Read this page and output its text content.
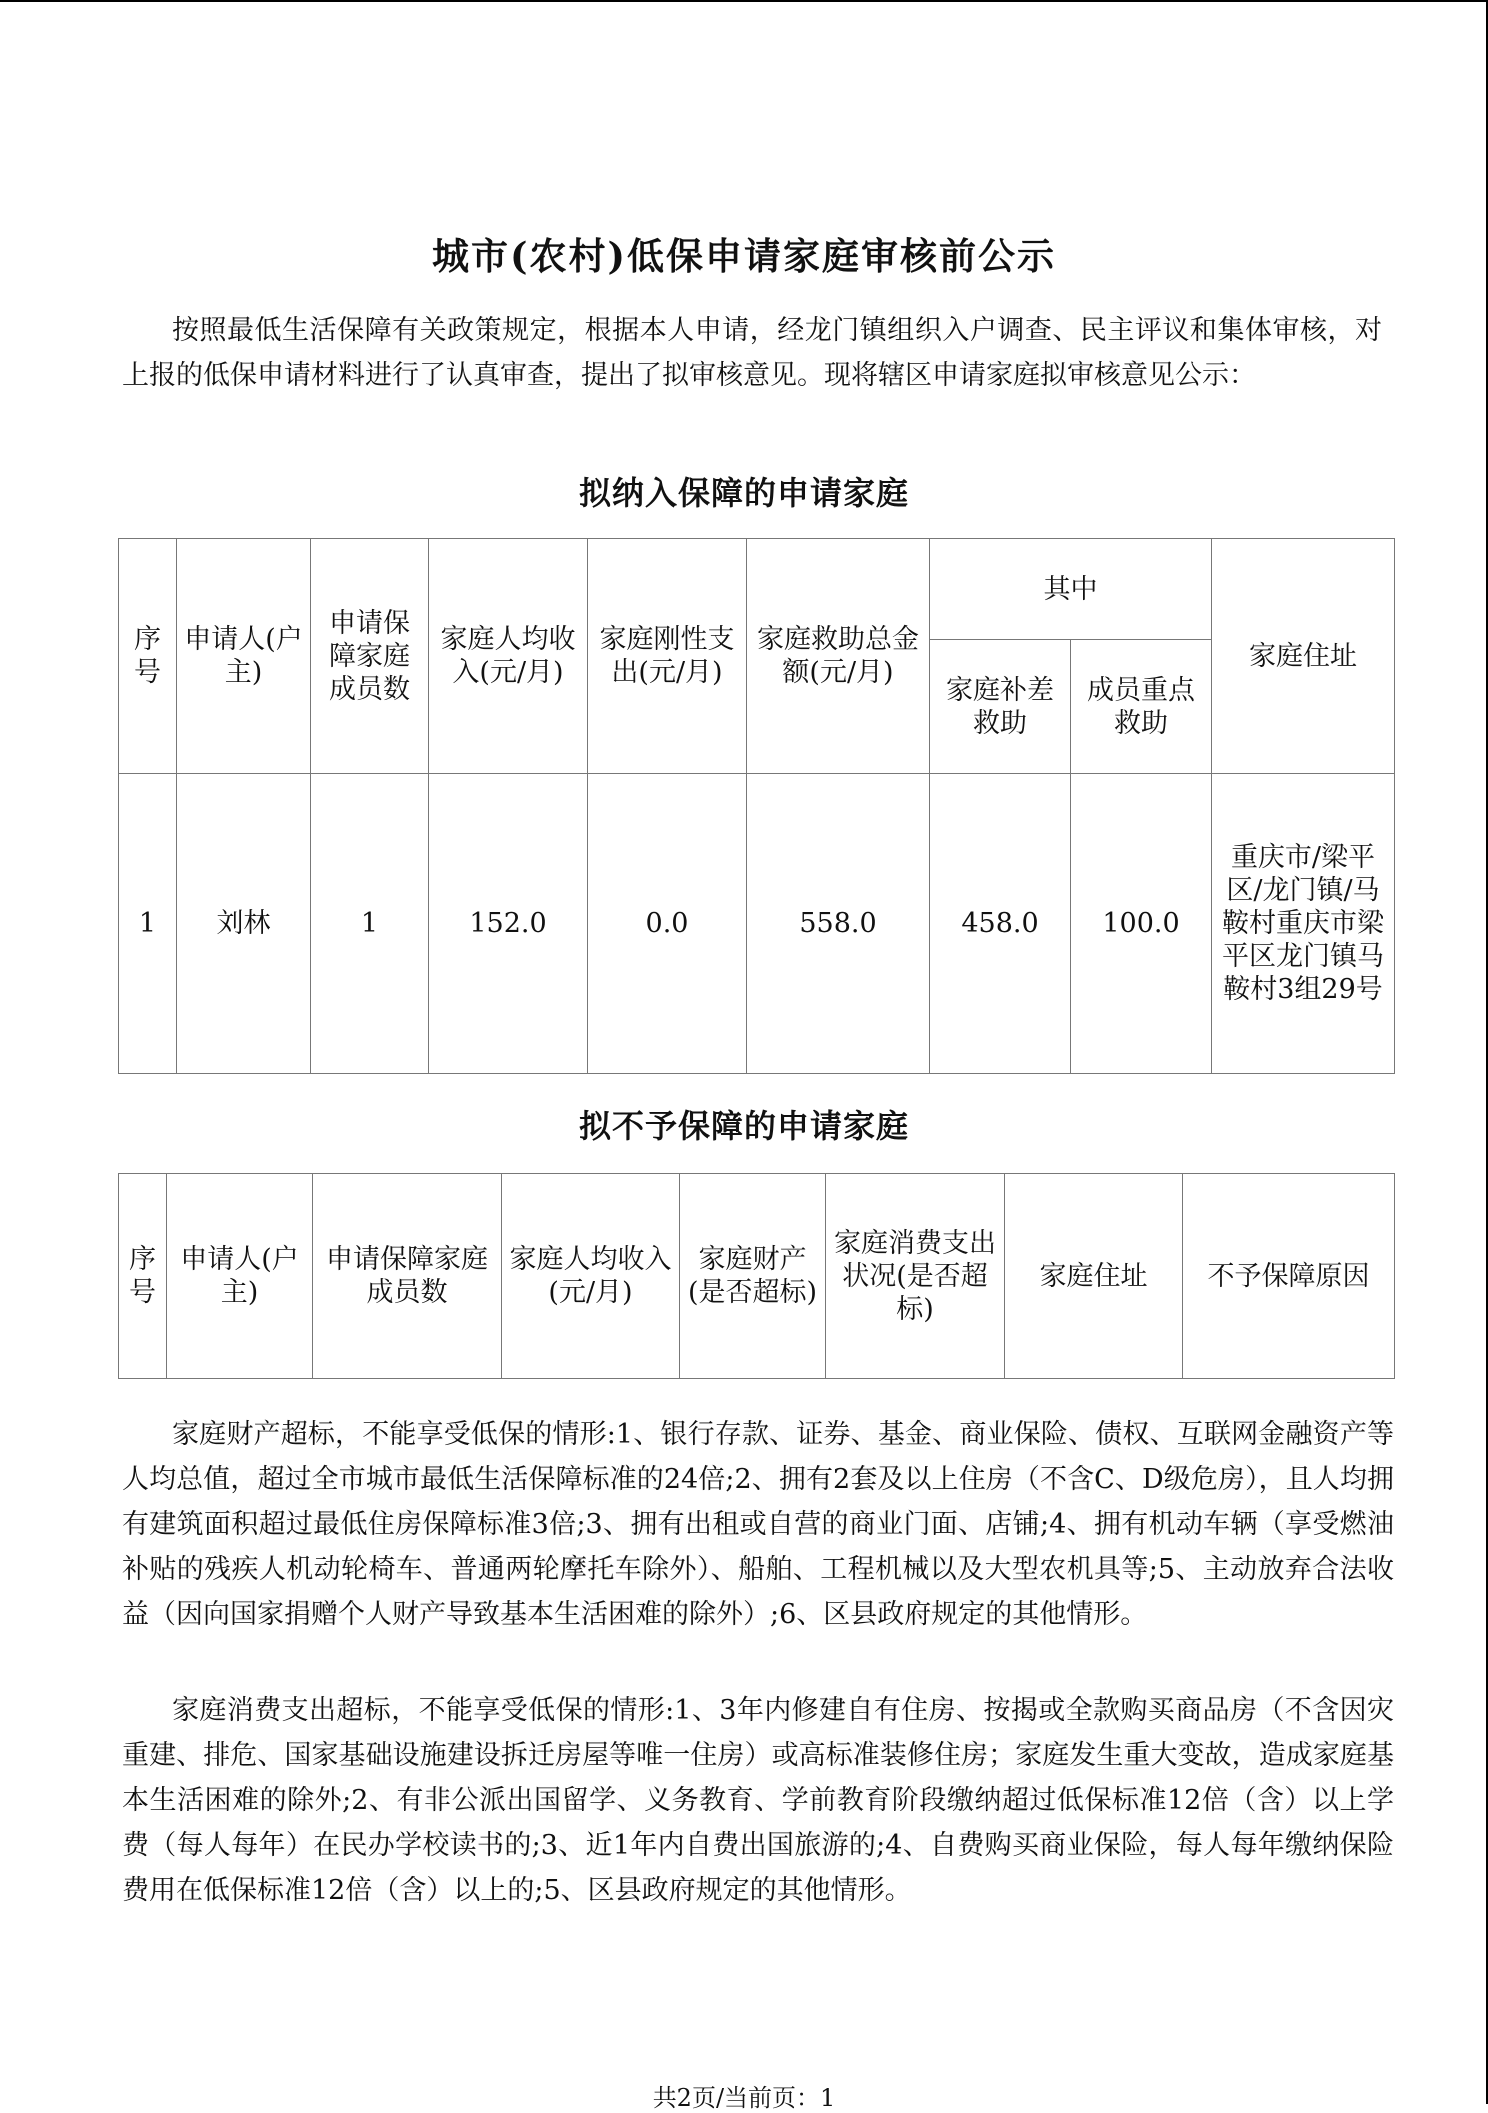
城市(农村)低保申请家庭审核前公示
按照最低生活保障有关政策规定，根据本人申请，经龙门镇组织入户调查、民主评议和集体审核，对上报的低保申请材料进行了认真审查，提出了拟审核意见。现将辖区申请家庭拟审核意见公示：
拟纳入保障的申请家庭
序号	申请人(户主)	申请保障家庭成员数	家庭人均收入(元/月)	家庭刚性支出(元/月)	家庭救助总金额(元/月)	其中		家庭住址
						家庭补差救助	成员重点救助	
1	刘林	1	152.0	0.0	558.0	458.0	100.0	重庆市/梁平区/龙门镇/马鞍村重庆市梁平区龙门镇马鞍村3组29号
拟不予保障的申请家庭
序号	申请人(户主)	申请保障家庭成员数	家庭人均收入(元/月)	家庭财产(是否超标)	家庭消费支出状况(是否超标)	家庭住址	不予保障原因
家庭财产超标，不能享受低保的情形:1、银行存款、证券、基金、商业保险、债权、互联网金融资产等人均总值，超过全市城市最低生活保障标准的24倍;2、拥有2套及以上住房（不含C、D级危房），且人均拥有建筑面积超过最低住房保障标准3倍;3、拥有出租或自营的商业门面、店铺;4、拥有机动车辆（享受燃油补贴的残疾人机动轮椅车、普通两轮摩托车除外）、船舶、工程机械以及大型农机具等;5、主动放弃合法收益（因向国家捐赠个人财产导致基本生活困难的除外）;6、区县政府规定的其他情形。
家庭消费支出超标，不能享受低保的情形:1、3年内修建自有住房、按揭或全款购买商品房（不含因灾重建、排危、国家基础设施建设拆迁房屋等唯一住房）或高标准装修住房；家庭发生重大变故，造成家庭基本生活困难的除外;2、有非公派出国留学、义务教育、学前教育阶段缴纳超过低保标准12倍（含）以上学费（每人每年）在民办学校读书的;3、近1年内自费出国旅游的;4、自费购买商业保险，每人每年缴纳保险费用在低保标准12倍（含）以上的;5、区县政府规定的其他情形。
共2页/当前页：1
